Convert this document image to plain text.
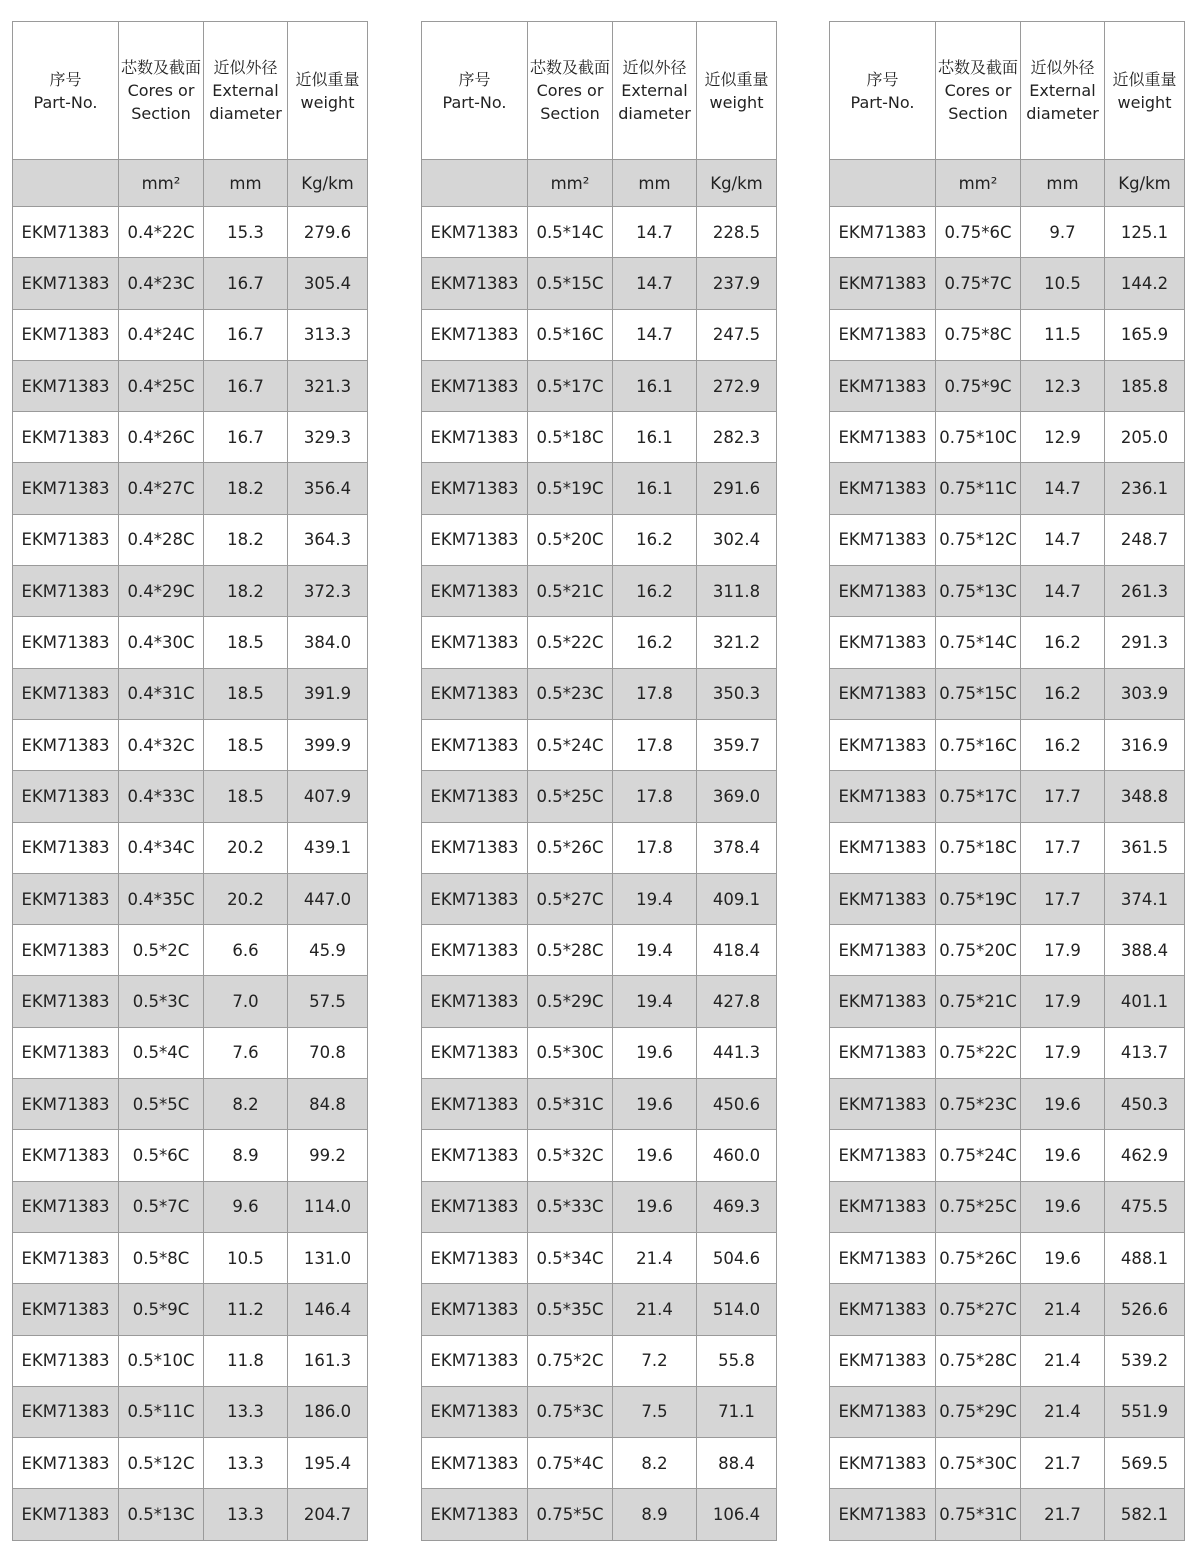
序号
Part-No.	芯数及截面
Cores or
Section	近似外径
External
diameter	近似重量
weight

	mm²	mm	Kg/km
EKM71383	0.4*22C	15.3	279.6
EKM71383	0.4*23C	16.7	305.4
EKM71383	0.4*24C	16.7	313.3
EKM71383	0.4*25C	16.7	321.3
EKM71383	0.4*26C	16.7	329.3
EKM71383	0.4*27C	18.2	356.4
EKM71383	0.4*28C	18.2	364.3
EKM71383	0.4*29C	18.2	372.3
EKM71383	0.4*30C	18.5	384.0
EKM71383	0.4*31C	18.5	391.9
EKM71383	0.4*32C	18.5	399.9
EKM71383	0.4*33C	18.5	407.9
EKM71383	0.4*34C	20.2	439.1
EKM71383	0.4*35C	20.2	447.0
EKM71383	0.5*2C	6.6	45.9
EKM71383	0.5*3C	7.0	57.5
EKM71383	0.5*4C	7.6	70.8
EKM71383	0.5*5C	8.2	84.8
EKM71383	0.5*6C	8.9	99.2
EKM71383	0.5*7C	9.6	114.0
EKM71383	0.5*8C	10.5	131.0
EKM71383	0.5*9C	11.2	146.4
EKM71383	0.5*10C	11.8	161.3
EKM71383	0.5*11C	13.3	186.0
EKM71383	0.5*12C	13.3	195.4
EKM71383	0.5*13C	13.3	204.7
序号
Part-No.	芯数及截面
Cores or
Section	近似外径
External
diameter	近似重量
weight

	mm²	mm	Kg/km
EKM71383	0.5*14C	14.7	228.5
EKM71383	0.5*15C	14.7	237.9
EKM71383	0.5*16C	14.7	247.5
EKM71383	0.5*17C	16.1	272.9
EKM71383	0.5*18C	16.1	282.3
EKM71383	0.5*19C	16.1	291.6
EKM71383	0.5*20C	16.2	302.4
EKM71383	0.5*21C	16.2	311.8
EKM71383	0.5*22C	16.2	321.2
EKM71383	0.5*23C	17.8	350.3
EKM71383	0.5*24C	17.8	359.7
EKM71383	0.5*25C	17.8	369.0
EKM71383	0.5*26C	17.8	378.4
EKM71383	0.5*27C	19.4	409.1
EKM71383	0.5*28C	19.4	418.4
EKM71383	0.5*29C	19.4	427.8
EKM71383	0.5*30C	19.6	441.3
EKM71383	0.5*31C	19.6	450.6
EKM71383	0.5*32C	19.6	460.0
EKM71383	0.5*33C	19.6	469.3
EKM71383	0.5*34C	21.4	504.6
EKM71383	0.5*35C	21.4	514.0
EKM71383	0.75*2C	7.2	55.8
EKM71383	0.75*3C	7.5	71.1
EKM71383	0.75*4C	8.2	88.4
EKM71383	0.75*5C	8.9	106.4
序号
Part-No.	芯数及截面
Cores or
Section	近似外径
External
diameter	近似重量
weight

	mm²	mm	Kg/km
EKM71383	0.75*6C	9.7	125.1
EKM71383	0.75*7C	10.5	144.2
EKM71383	0.75*8C	11.5	165.9
EKM71383	0.75*9C	12.3	185.8
EKM71383	0.75*10C	12.9	205.0
EKM71383	0.75*11C	14.7	236.1
EKM71383	0.75*12C	14.7	248.7
EKM71383	0.75*13C	14.7	261.3
EKM71383	0.75*14C	16.2	291.3
EKM71383	0.75*15C	16.2	303.9
EKM71383	0.75*16C	16.2	316.9
EKM71383	0.75*17C	17.7	348.8
EKM71383	0.75*18C	17.7	361.5
EKM71383	0.75*19C	17.7	374.1
EKM71383	0.75*20C	17.9	388.4
EKM71383	0.75*21C	17.9	401.1
EKM71383	0.75*22C	17.9	413.7
EKM71383	0.75*23C	19.6	450.3
EKM71383	0.75*24C	19.6	462.9
EKM71383	0.75*25C	19.6	475.5
EKM71383	0.75*26C	19.6	488.1
EKM71383	0.75*27C	21.4	526.6
EKM71383	0.75*28C	21.4	539.2
EKM71383	0.75*29C	21.4	551.9
EKM71383	0.75*30C	21.7	569.5
EKM71383	0.75*31C	21.7	582.1
